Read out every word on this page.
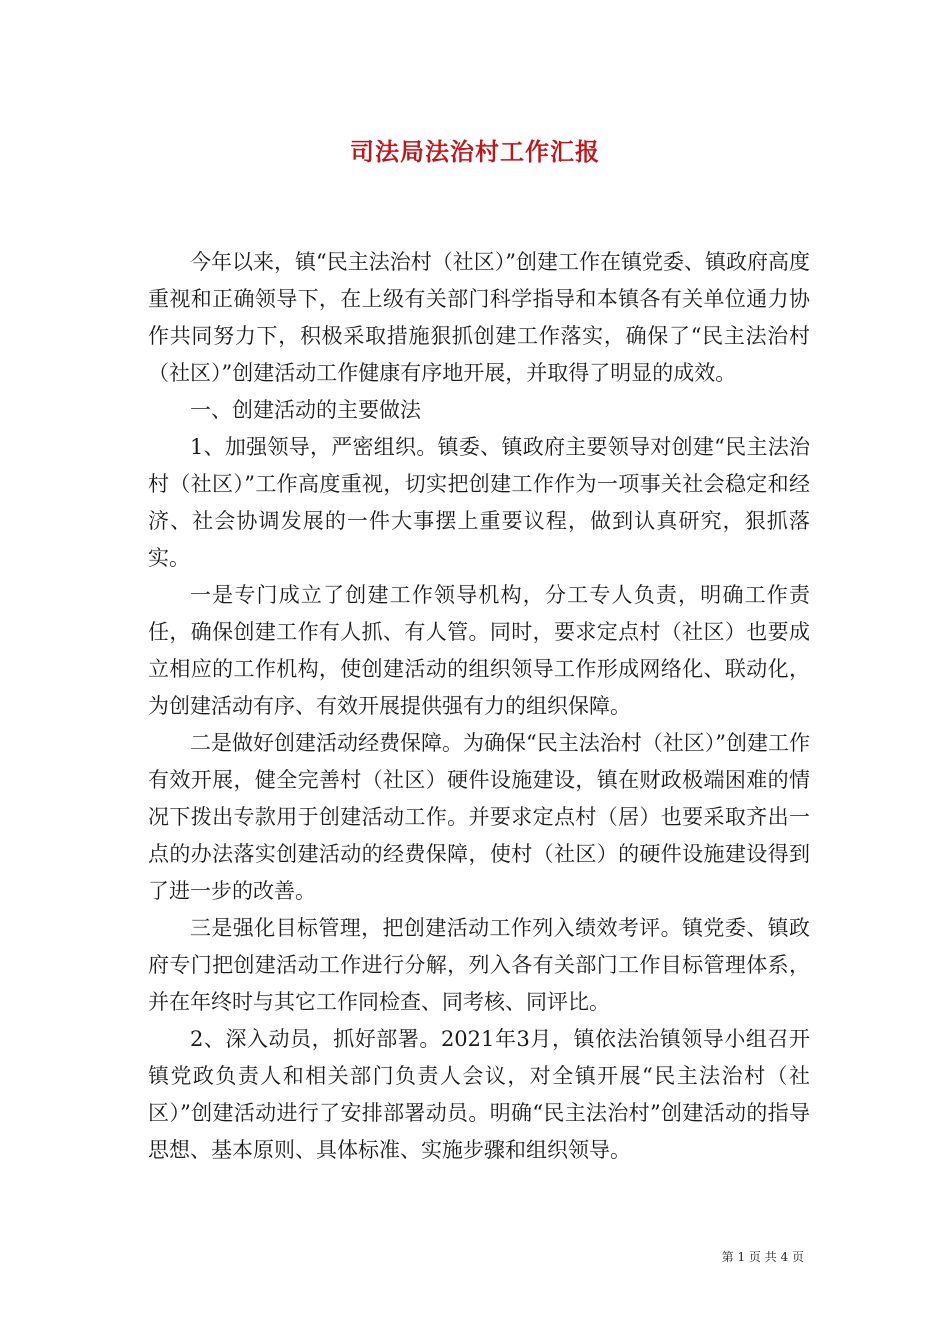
司法局法治村工作汇报

今年以来，镇“民主法治村（社区）”创建工作在镇党委、镇政府高度重视和正确领导下，在上级有关部门科学指导和本镇各有关单位通力协作共同努力下，积极采取措施狠抓创建工作落实，确保了“民主法治村（社区）”创建活动工作健康有序地开展，并取得了明显的成效。

一、创建活动的主要做法

1、加强领导，严密组织。镇委、镇政府主要领导对创建“民主法治村（社区）”工作高度重视，切实把创建工作作为一项事关社会稳定和经济、社会协调发展的一件大事摆上重要议程，做到认真研究，狠抓落实。

一是专门成立了创建工作领导机构，分工专人负责，明确工作责任，确保创建工作有人抓、有人管。同时，要求定点村（社区）也要成立相应的工作机构，使创建活动的组织领导工作形成网络化、联动化，为创建活动有序、有效开展提供强有力的组织保障。

二是做好创建活动经费保障。为确保“民主法治村（社区）”创建工作有效开展，健全完善村（社区）硬件设施建设，镇在财政极端困难的情况下拨出专款用于创建活动工作。并要求定点村（居）也要采取齐出一点的办法落实创建活动的经费保障，使村（社区）的硬件设施建设得到了进一步的改善。

三是强化目标管理，把创建活动工作列入绩效考评。镇党委、镇政府专门把创建活动工作进行分解，列入各有关部门工作目标管理体系，并在年终时与其它工作同检查、同考核、同评比。

2、深入动员，抓好部署。2021年3月，镇依法治镇领导小组召开镇党政负责人和相关部门负责人会议，对全镇开展“民主法治村（社区）”创建活动进行了安排部署动员。明确“民主法治村”创建活动的指导思想、基本原则、具体标准、实施步骤和组织领导。

第 1 页 共 4 页
